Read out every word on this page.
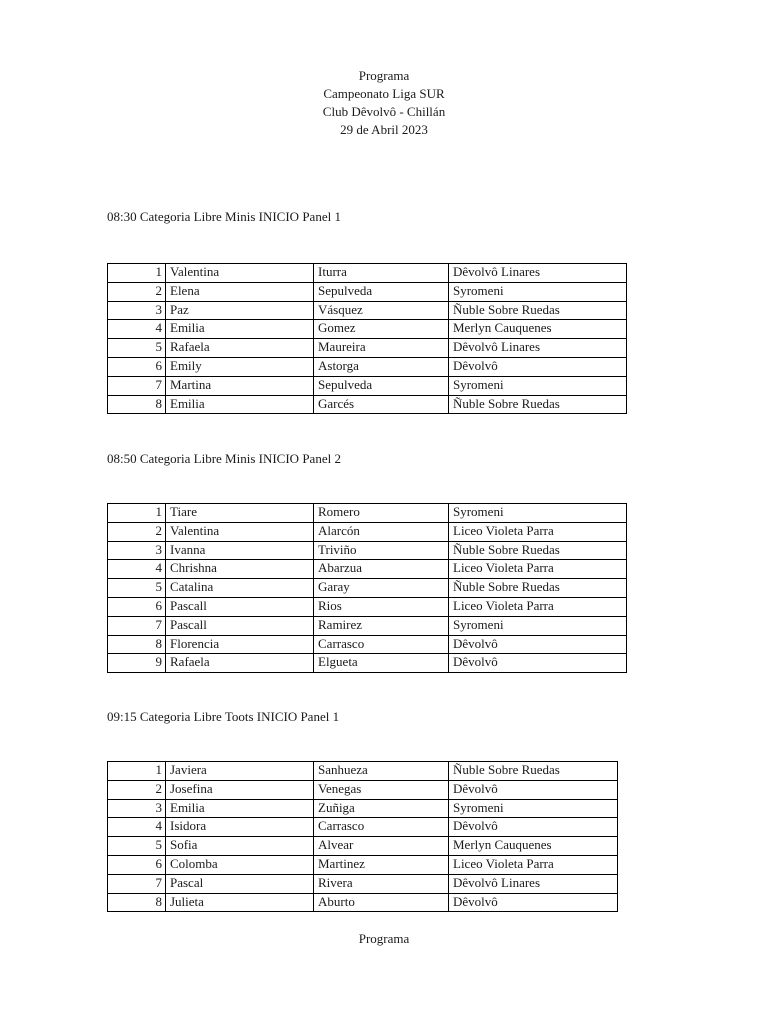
Programa
Campeonato Liga SUR
Club Dêvolvô - Chillán
29 de Abril 2023
08:30 Categoria Libre Minis INICIO Panel 1
1	Valentina	Iturra	Dêvolvô Linares
2	Elena	Sepulveda	Syromeni
3	Paz	Vásquez	Ñuble Sobre Ruedas
4	Emilia	Gomez	Merlyn Cauquenes
5	Rafaela	Maureira	Dêvolvô Linares
6	Emily	Astorga	Dêvolvô
7	Martina	Sepulveda	Syromeni
8	Emilia	Garcés	Ñuble Sobre Ruedas
08:50 Categoria Libre Minis INICIO Panel 2
1	Tiare	Romero	Syromeni
2	Valentina	Alarcón	Liceo Violeta Parra
3	Ivanna	Triviño	Ñuble Sobre Ruedas
4	Chrishna	Abarzua	Liceo Violeta Parra
5	Catalina	Garay	Ñuble Sobre Ruedas
6	Pascall	Rios	Liceo Violeta Parra
7	Pascall	Ramirez	Syromeni
8	Florencia	Carrasco	Dêvolvô
9	Rafaela	Elgueta	Dêvolvô
09:15 Categoria Libre Toots INICIO Panel 1
1	Javiera	Sanhueza	Ñuble Sobre Ruedas
2	Josefina	Venegas	Dêvolvô
3	Emilia	Zuñiga	Syromeni
4	Isidora	Carrasco	Dêvolvô
5	Sofia	Alvear	Merlyn Cauquenes
6	Colomba	Martinez	Liceo Violeta Parra
7	Pascal	Rivera	Dêvolvô Linares
8	Julieta	Aburto	Dêvolvô
Programa
